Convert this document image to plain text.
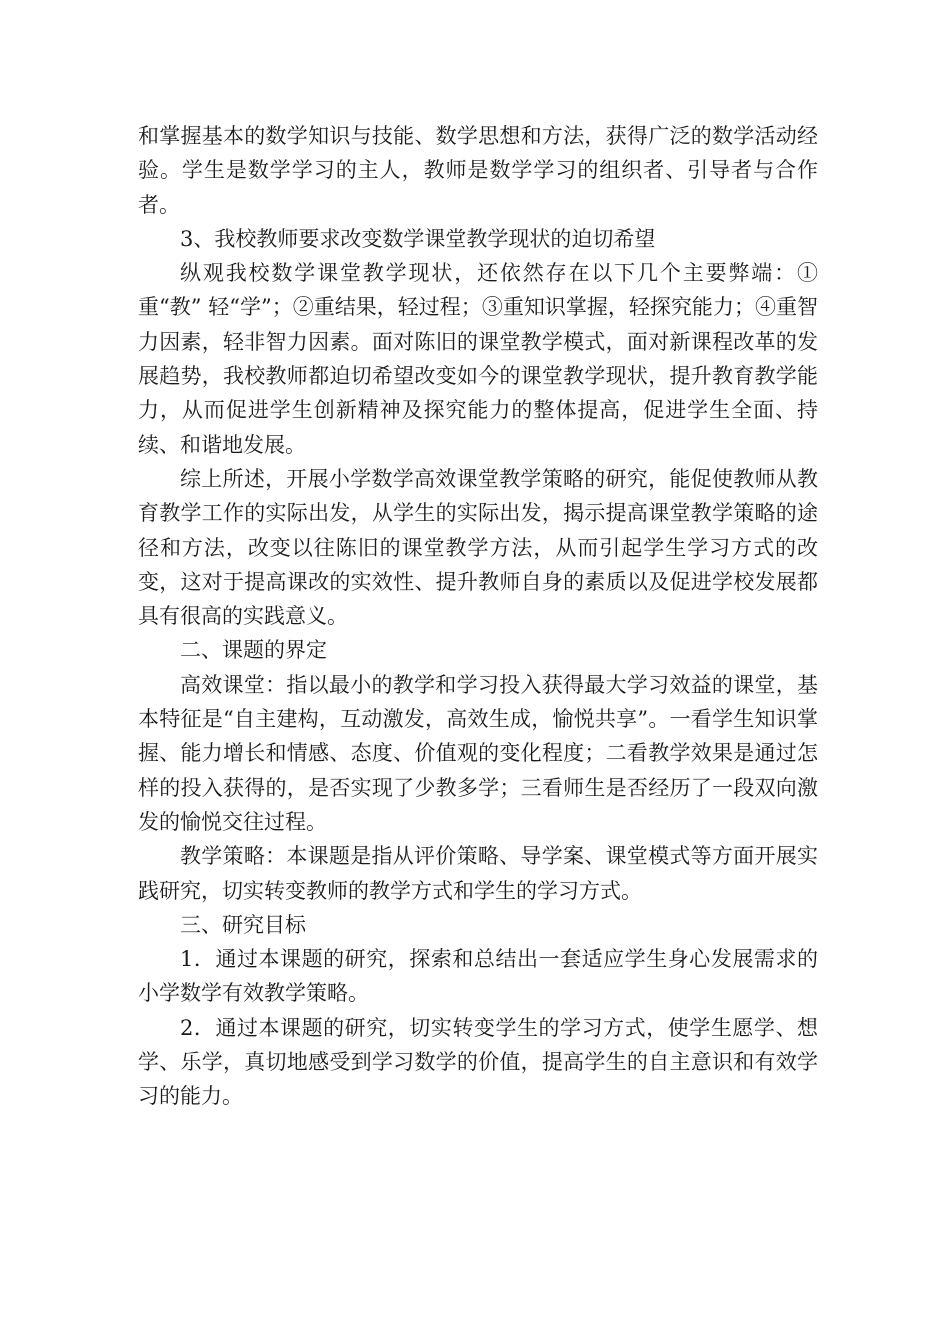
和掌握基本的数学知识与技能、数学思想和方法，获得广泛的数学活动经验。学生是数学学习的主人，教师是数学学习的组织者、引导者与合作者。

3、我校教师要求改变数学课堂教学现状的迫切希望

纵观我校数学课堂教学现状，还依然存在以下几个主要弊端：①重“教” 轻“学”；②重结果，轻过程；③重知识掌握，轻探究能力；④重智力因素，轻非智力因素。面对陈旧的课堂教学模式，面对新课程改革的发展趋势，我校教师都迫切希望改变如今的课堂教学现状，提升教育教学能力，从而促进学生创新精神及探究能力的整体提高，促进学生全面、持续、和谐地发展。

综上所述，开展小学数学高效课堂教学策略的研究，能促使教师从教育教学工作的实际出发，从学生的实际出发，揭示提高课堂教学策略的途径和方法，改变以往陈旧的课堂教学方法，从而引起学生学习方式的改变，这对于提高课改的实效性、提升教师自身的素质以及促进学校发展都具有很高的实践意义。

二、课题的界定

高效课堂：指以最小的教学和学习投入获得最大学习效益的课堂，基本特征是“自主建构，互动激发，高效生成，愉悦共享”。一看学生知识掌握、能力增长和情感、态度、价值观的变化程度；二看教学效果是通过怎样的投入获得的，是否实现了少教多学；三看师生是否经历了一段双向激发的愉悦交往过程。

教学策略：本课题是指从评价策略、导学案、课堂模式等方面开展实践研究，切实转变教师的教学方式和学生的学习方式。

三、研究目标

1．通过本课题的研究，探索和总结出一套适应学生身心发展需求的小学数学有效教学策略。

2．通过本课题的研究，切实转变学生的学习方式，使学生愿学、想学、乐学，真切地感受到学习数学的价值，提高学生的自主意识和有效学习的能力。
